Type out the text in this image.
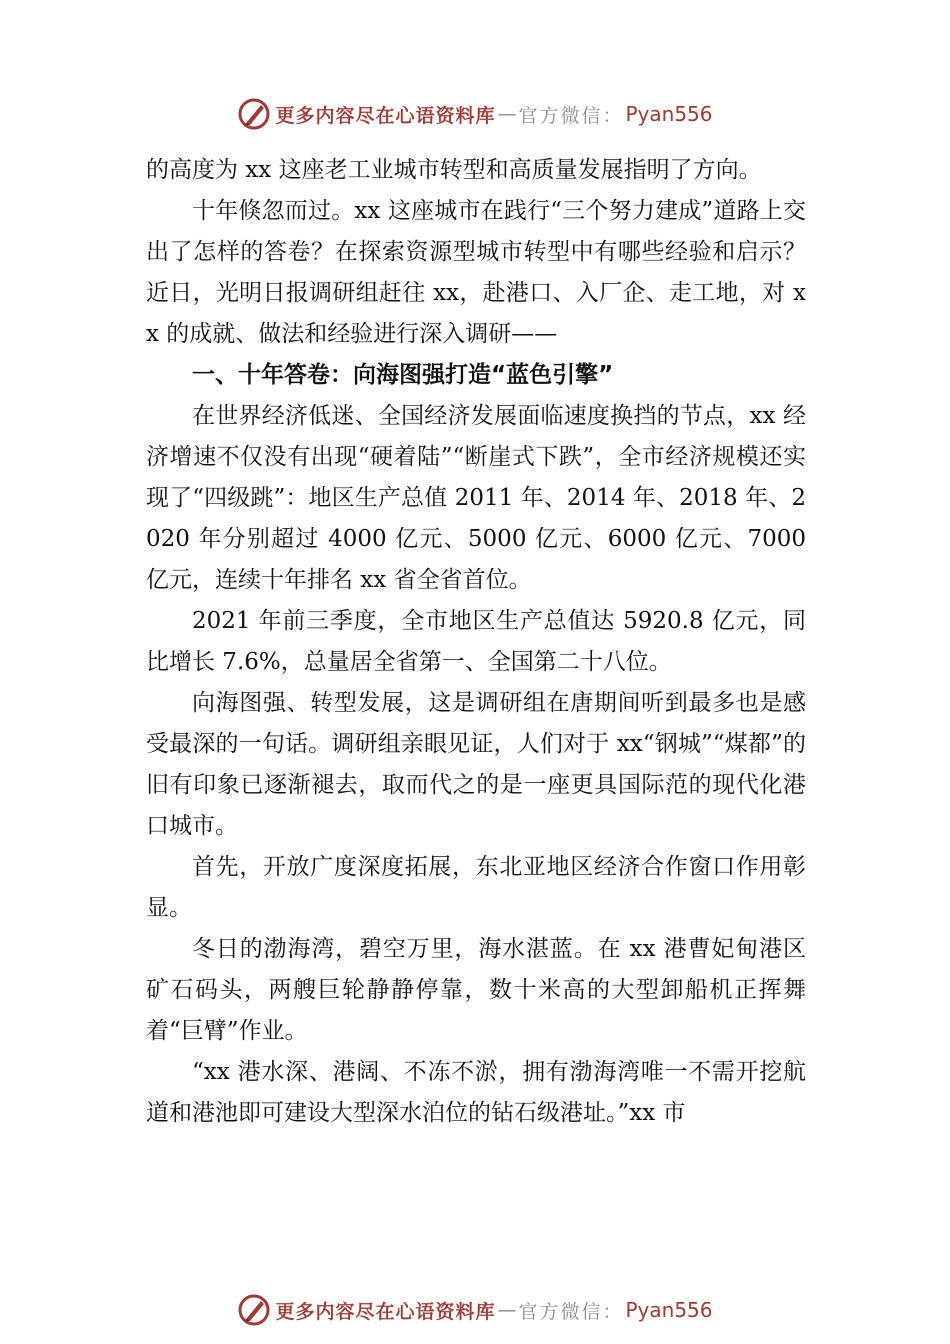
更多内容尽在心语资料库 — 官方微信： Pyan556

的高度为 xx 这座老工业城市转型和高质量发展指明了方向。

十年倏忽而过。xx 这座城市在践行“三个努力建成”道路上交出了怎样的答卷？在探索资源型城市转型中有哪些经验和启示？近日，光明日报调研组赶往 xx，赴港口、入厂企、走工地，对 xx 的成就、做法和经验进行深入调研——

一、十年答卷：向海图强打造“蓝色引擎”

在世界经济低迷、全国经济发展面临速度换挡的节点，xx 经济增速不仅没有出现“硬着陆”“断崖式下跌”，全市经济规模还实现了“四级跳”：地区生产总值 2011 年、2014 年、2018 年、2020 年分别超过 4000 亿元、5000 亿元、6000 亿元、7000 亿元，连续十年排名 xx 省全省首位。

2021 年前三季度，全市地区生产总值达 5920.8 亿元，同比增长 7.6%，总量居全省第一、全国第二十八位。

向海图强、转型发展，这是调研组在唐期间听到最多也是感受最深的一句话。调研组亲眼见证，人们对于 xx“钢城”“煤都”的旧有印象已逐渐褪去，取而代之的是一座更具国际范的现代化港口城市。

首先，开放广度深度拓展，东北亚地区经济合作窗口作用彰显。

冬日的渤海湾，碧空万里，海水湛蓝。在 xx 港曹妃甸港区矿石码头，两艘巨轮静静停靠，数十米高的大型卸船机正挥舞着“巨臂”作业。

“xx 港水深、港阔、不冻不淤，拥有渤海湾唯一不需开挖航道和港池即可建设大型深水泊位的钻石级港址。”xx 市

更多内容尽在心语资料库 — 官方微信： Pyan556
